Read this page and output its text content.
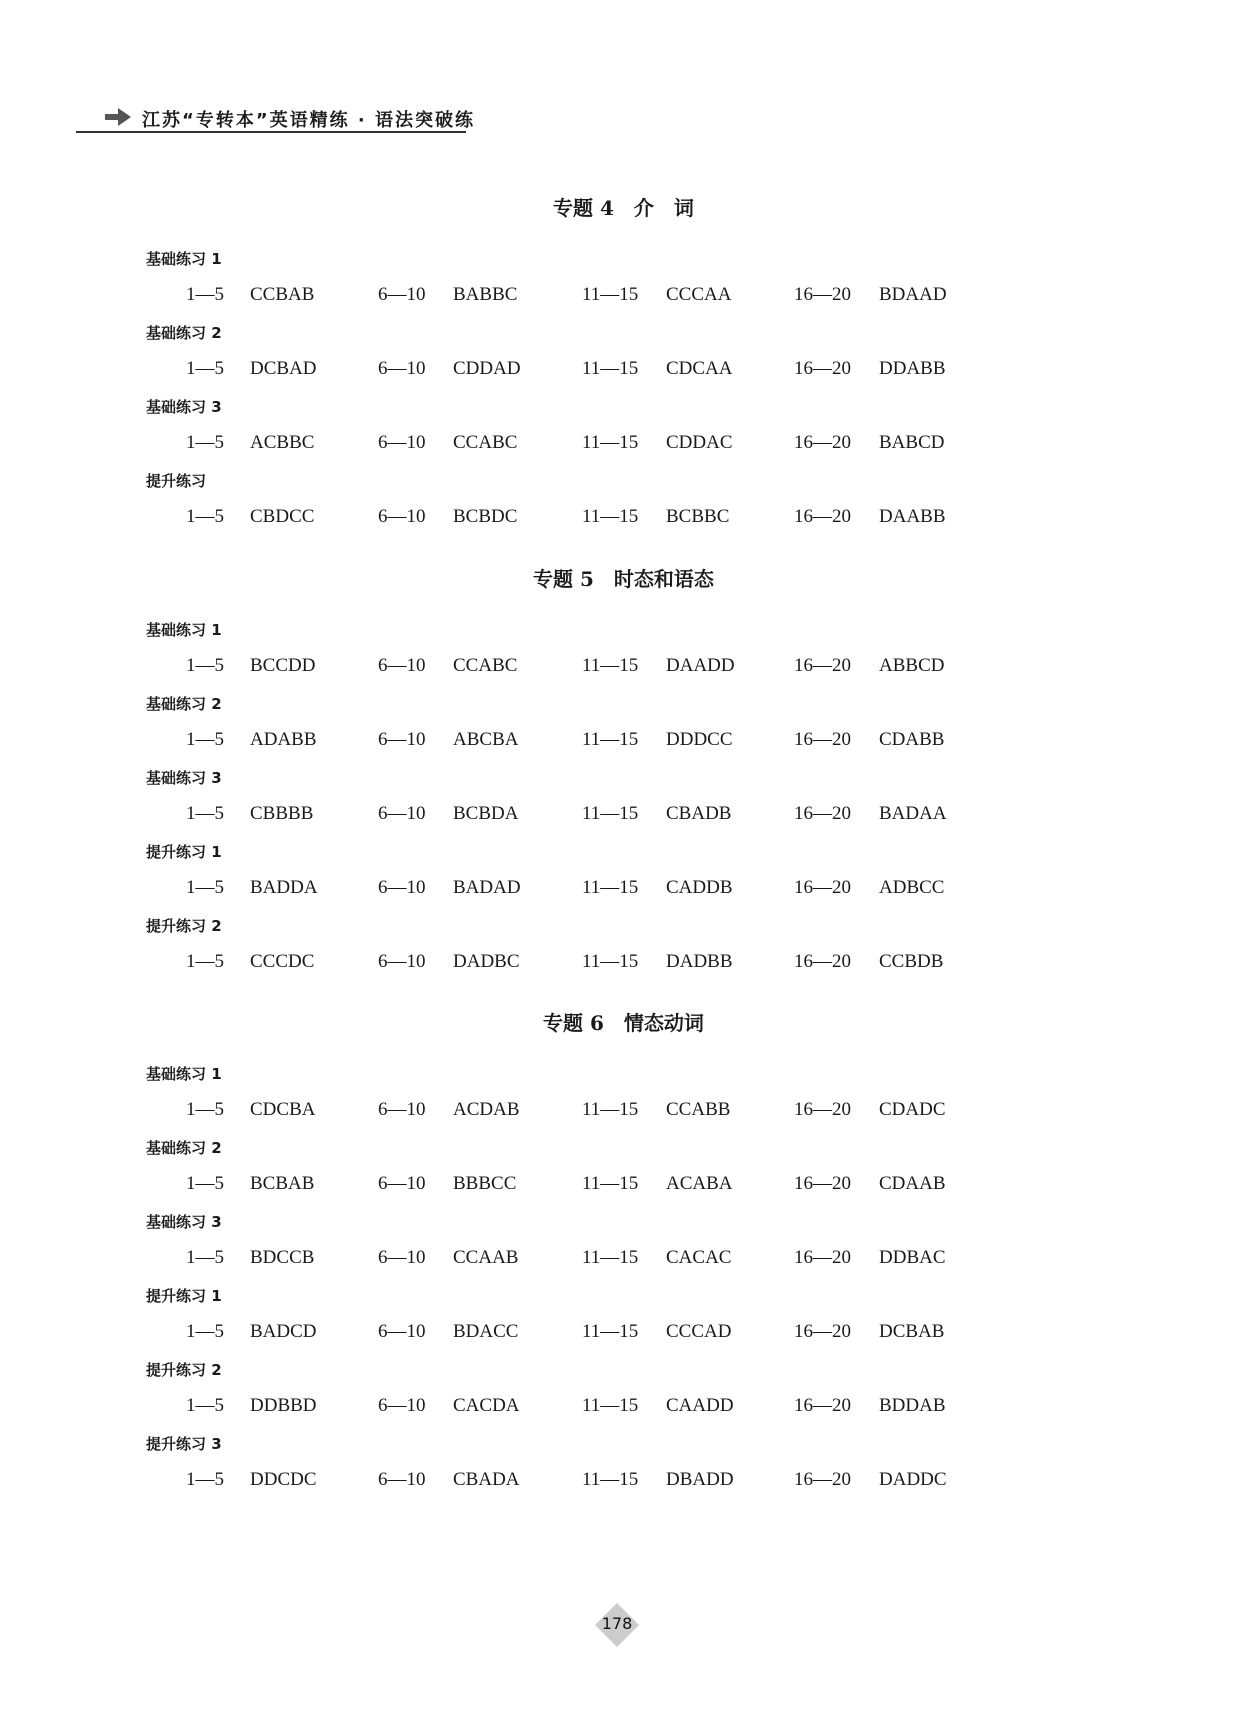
江苏“专转本”英语精练 · 语法突破练
专题 4　介　词
基础练习 1
1—5 CCBAB	6—10 BABBC	11—15 CCCAA	16—20 BDAAD
基础练习 2
1—5 DCBAD	6—10 CDDAD	11—15 CDCAA	16—20 DDABB
基础练习 3
1—5 ACBBC	6—10 CCABC	11—15 CDDAC	16—20 BABCD
提升练习
1—5 CBDCC	6—10 BCBDC	11—15 BCBBC	16—20 DAABB
专题 5　时态和语态
基础练习 1
1—5 BCCDD	6—10 CCABC	11—15 DAADD	16—20 ABBCD
基础练习 2
1—5 ADABB	6—10 ABCBA	11—15 DDDCC	16—20 CDABB
基础练习 3
1—5 CBBBB	6—10 BCBDA	11—15 CBADB	16—20 BADAA
提升练习 1
1—5 BADDA	6—10 BADAD	11—15 CADDB	16—20 ADBCC
提升练习 2
1—5 CCCDC	6—10 DADBC	11—15 DADBB	16—20 CCBDB
专题 6　情态动词
基础练习 1
1—5 CDCBA	6—10 ACDAB	11—15 CCABB	16—20 CDADC
基础练习 2
1—5 BCBAB	6—10 BBBCC	11—15 ACABA	16—20 CDAAB
基础练习 3
1—5 BDCCB	6—10 CCAAB	11—15 CACAC	16—20 DDBAC
提升练习 1
1—5 BADCD	6—10 BDACC	11—15 CCCAD	16—20 DCBAB
提升练习 2
1—5 DDBBD	6—10 CACDA	11—15 CAADD	16—20 BDDAB
提升练习 3
1—5 DDCDC	6—10 CBADA	11—15 DBADD	16—20 DADDC
178
